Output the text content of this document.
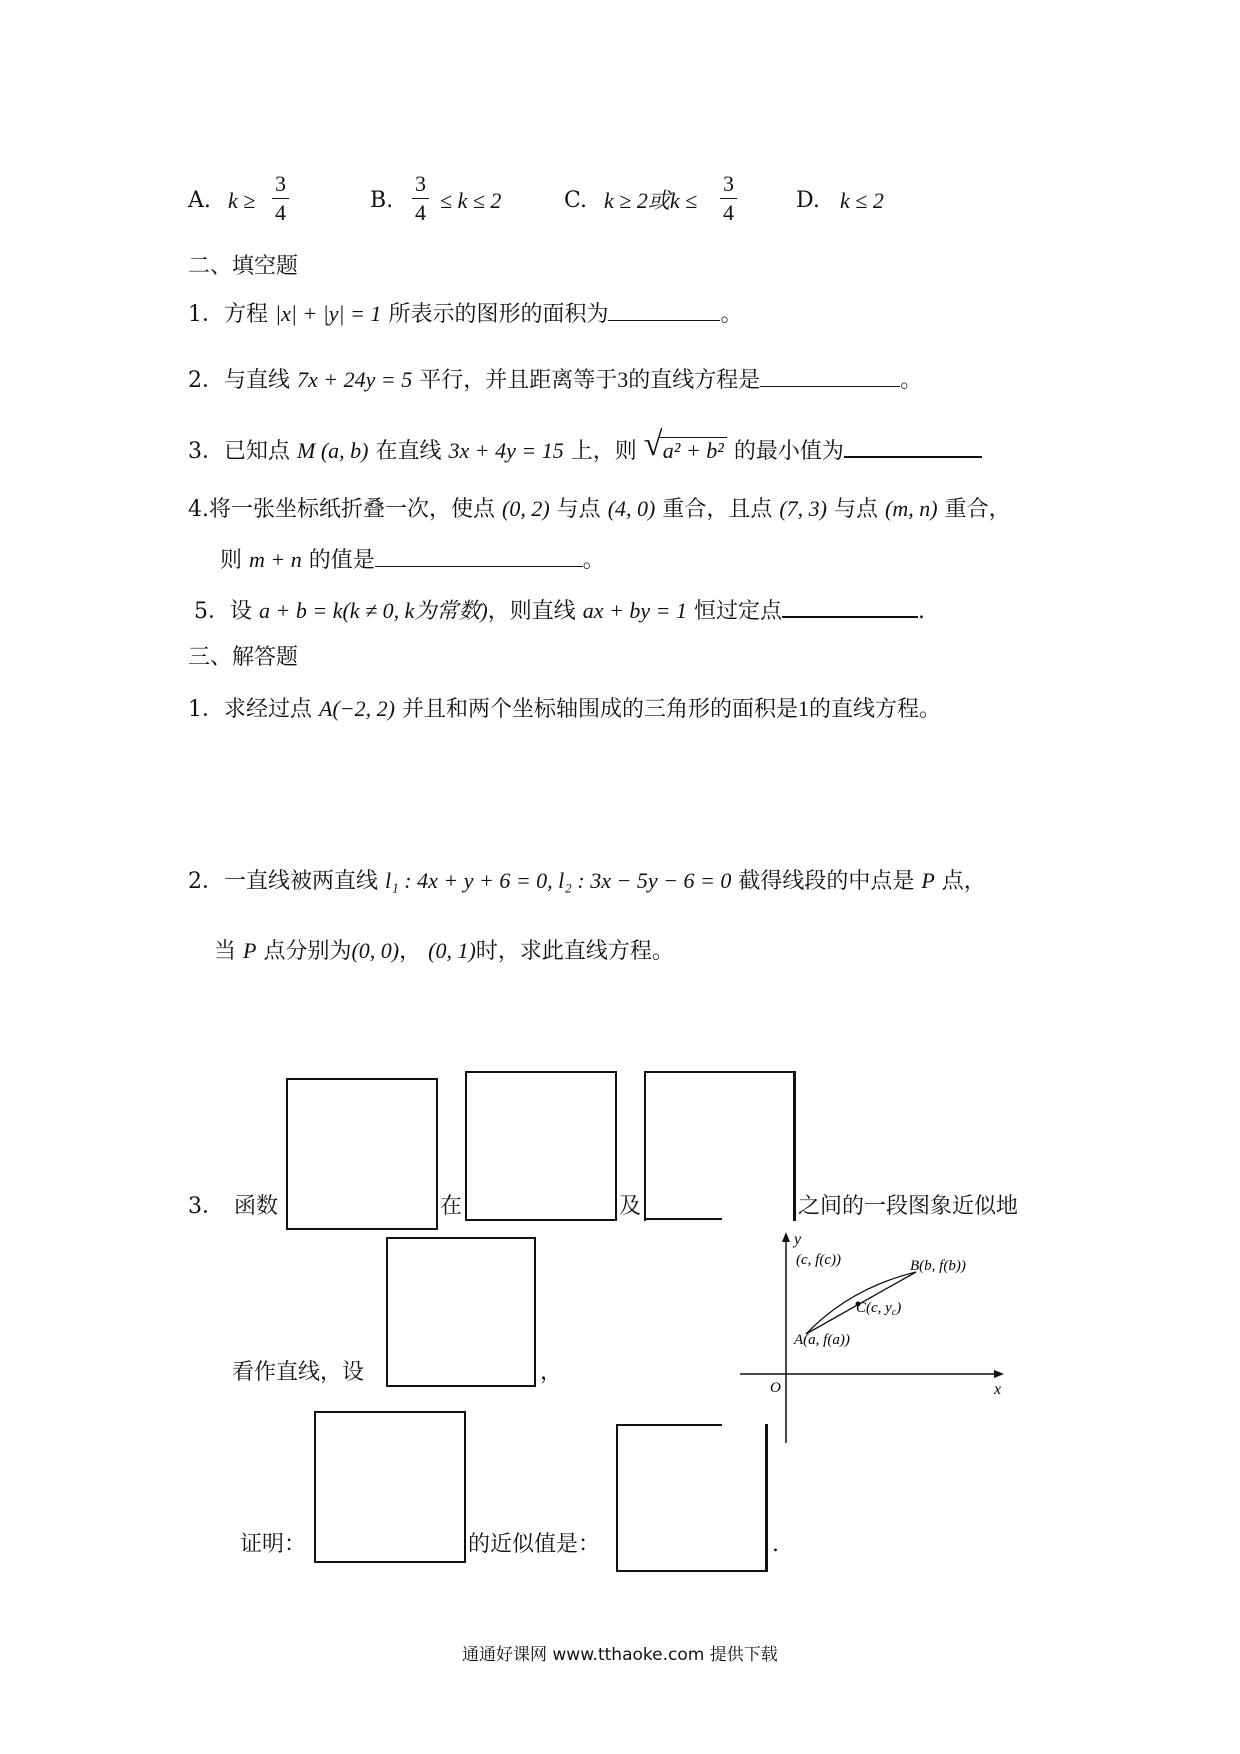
A. $k \ge \frac{3}{4}$	B. $\frac{3}{4} \le k \le 2$	C. k ≥ 2或$k \le \frac{3}{4}$	D. k ≤ 2
二、填空题
1．方程 |x| + |y| = 1 所表示的图形的面积为	。
2．与直线 7x + 24y = 5 平行，并且距离等于3的直线方程是	。
3．已知点 M (a, b) 在直线 3x + 4y = 15 上，则 √ a² + b² 的最小值为
4.将一张坐标纸折叠一次，使点 (0, 2) 与点 (4, 0) 重合，且点 (7, 3) 与点 (m, n) 重合，
则 m + n 的值是	。
5．设 a + b = k(k ≠ 0, k为常数)，则直线 ax + by = 1 恒过定点	.
三、解答题
1．求经过点 A(−2, 2) 并且和两个坐标轴围成的三角形的面积是1的直线方程。
2．一直线被两直线 l₁ : 4x + y + 6 = 0, l₂ : 3x − 5y − 6 = 0 截得线段的中点是 P 点，
当 P 点分别为(0, 0)， (0, 1)时，求此直线方程。
3． 函数	在	及	之间的一段图象近似地
看作直线，设	，
证明：	的近似值是：	.
y
x
O
(c, f(c))	B(b, f(b))
C(c, $y_c$)
A(a, f(a))
通通好课网 www.tthaoke.com 提供下载
